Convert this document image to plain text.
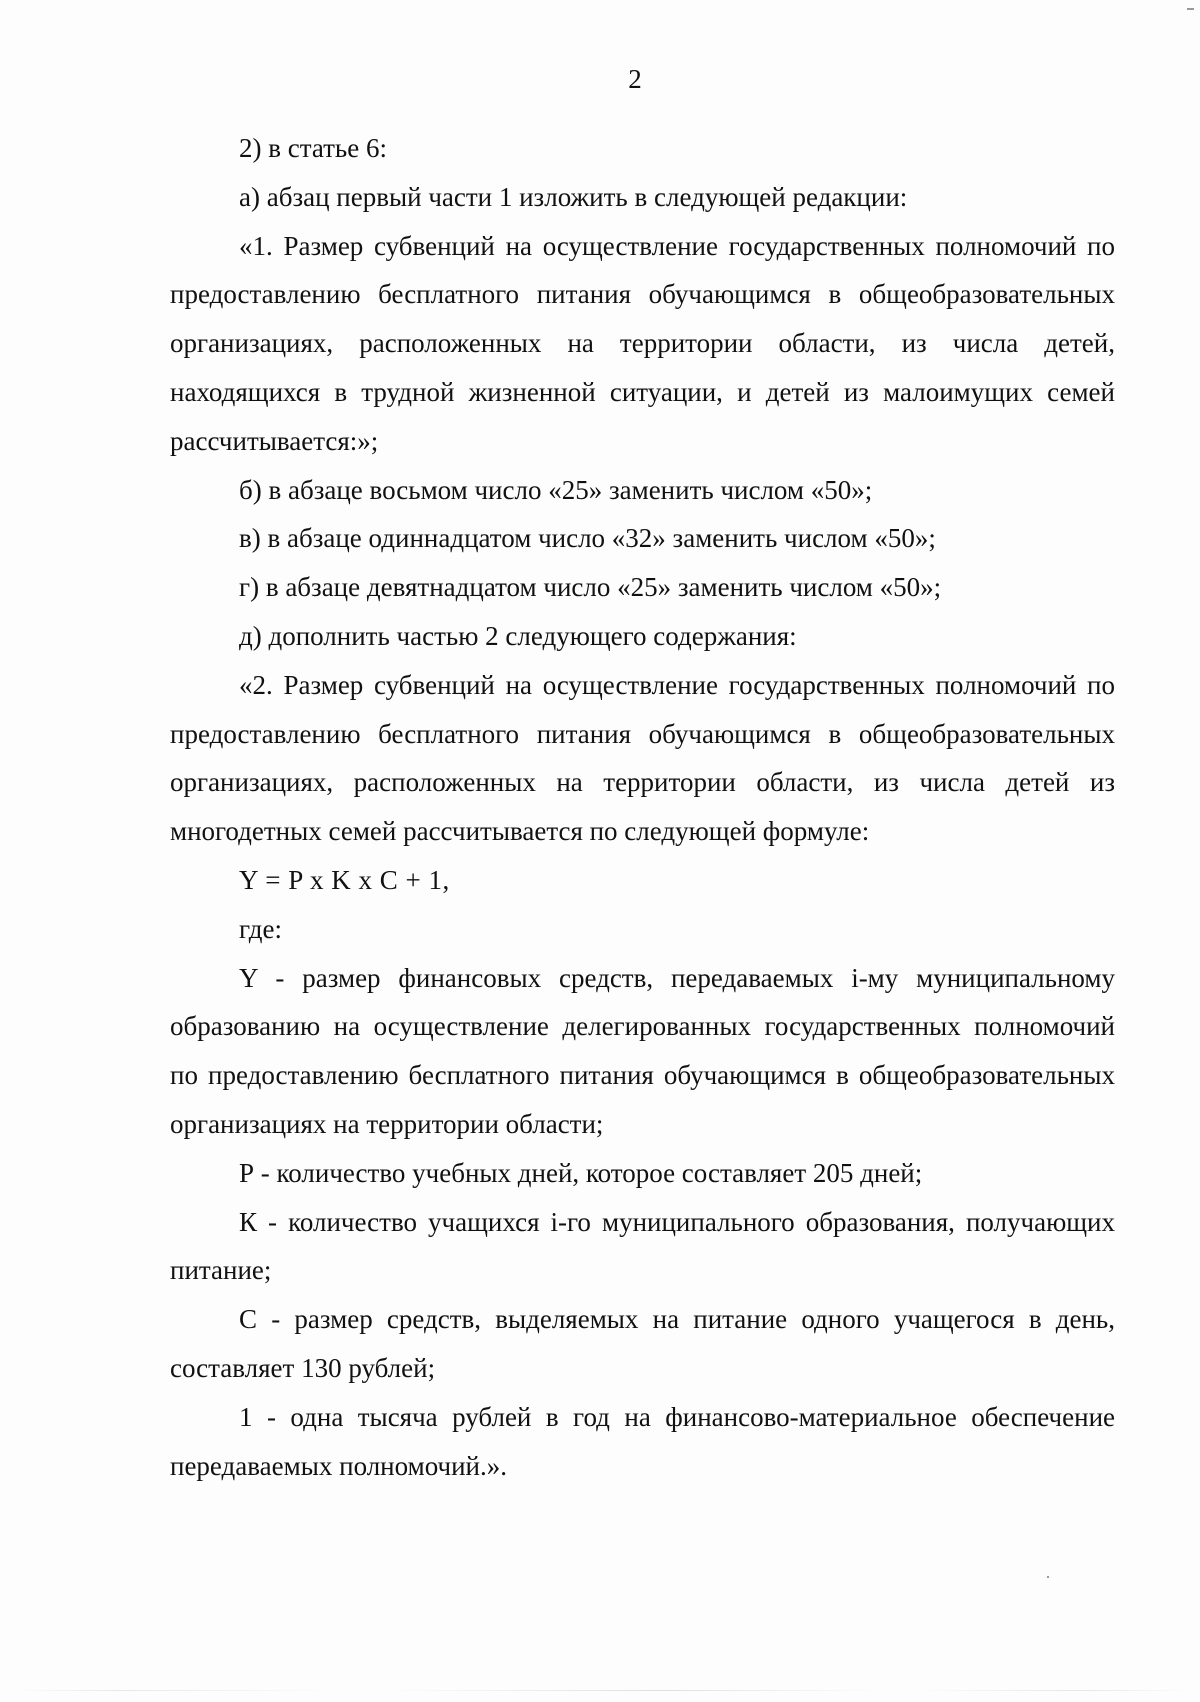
2

2) в статье 6:

а) абзац первый части 1 изложить в следующей редакции:

«1. Размер субвенций на осуществление государственных полномочий по предоставлению бесплатного питания обучающимся в общеобразовательных организациях, расположенных на территории области, из числа детей, находящихся в трудной жизненной ситуации, и детей из малоимущих семей рассчитывается:»;

б) в абзаце восьмом число «25» заменить числом «50»;

в) в абзаце одиннадцатом число «32» заменить числом «50»;

г) в абзаце девятнадцатом число «25» заменить числом «50»;

д) дополнить частью 2 следующего содержания:

«2. Размер субвенций на осуществление государственных полномочий по предоставлению бесплатного питания обучающимся в общеобразовательных организациях, расположенных на территории области, из числа детей из многодетных семей рассчитывается по следующей формуле:

Y = P x K x C + 1,

где:

Y - размер финансовых средств, передаваемых i-му муниципальному образованию на осуществление делегированных государственных полномочий по предоставлению бесплатного питания обучающимся в общеобразовательных организациях на территории области;

Р - количество учебных дней, которое составляет 205 дней;

К - количество учащихся i-го муниципального образования, получающих питание;

С - размер средств, выделяемых на питание одного учащегося в день, составляет 130 рублей;

1 - одна тысяча рублей в год на финансово-материальное обеспечение передаваемых полномочий.».
